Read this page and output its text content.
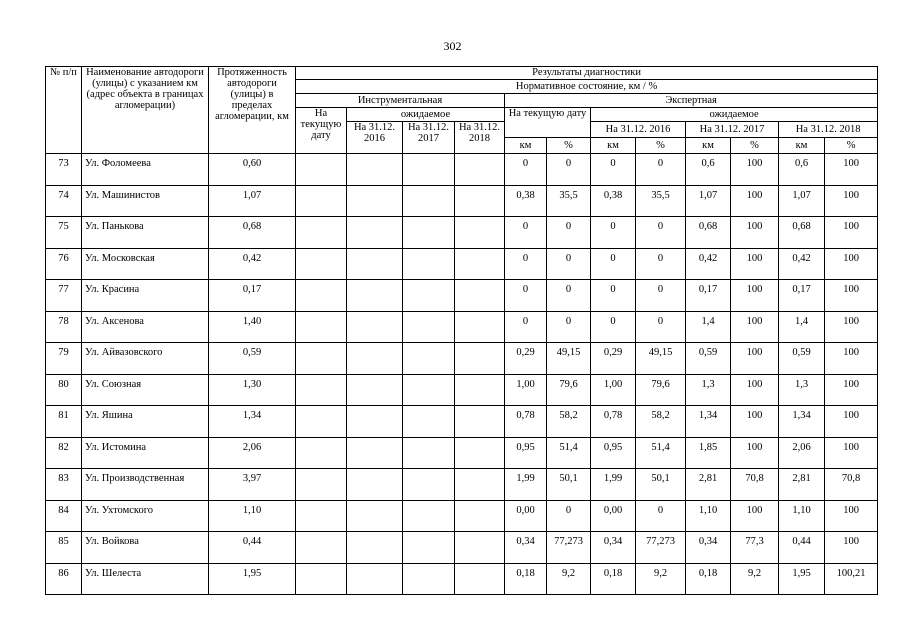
302
№ п/п	Наименование автодороги (улицы) с указанием км (адрес объекта в границах агломерации)	Протяженность автодороги (улицы) в пределах агломерации, км	Результаты диагностики											
			Нормативное состояние, км / %											
			Инструментальная				Экспертная							
			На текущую дату	ожидаемое			На текущую дату		ожидаемое					
				На 31.12. 2016	На 31.12. 2017	На 31.12. 2018			На 31.12. 2016		На 31.12. 2017		На 31.12. 2018	
							км	%	км	%	км	%	км	%
73	Ул. Фоломеева	0,60					0	0	0	0	0,6	100	0,6	100
74	Ул. Машинистов	1,07					0,38	35,5	0,38	35,5	1,07	100	1,07	100
75	Ул. Панькова	0,68					0	0	0	0	0,68	100	0,68	100
76	Ул. Московская	0,42					0	0	0	0	0,42	100	0,42	100
77	Ул. Красина	0,17					0	0	0	0	0,17	100	0,17	100
78	Ул. Аксенова	1,40					0	0	0	0	1,4	100	1,4	100
79	Ул. Айвазовского	0,59					0,29	49,15	0,29	49,15	0,59	100	0,59	100
80	Ул. Союзная	1,30					1,00	79,6	1,00	79,6	1,3	100	1,3	100
81	Ул. Яшина	1,34					0,78	58,2	0,78	58,2	1,34	100	1,34	100
82	Ул. Истомина	2,06					0,95	51,4	0,95	51,4	1,85	100	2,06	100
83	Ул. Производственная	3,97					1,99	50,1	1,99	50,1	2,81	70,8	2,81	70,8
84	Ул. Ухтомского	1,10					0,00	0	0,00	0	1,10	100	1,10	100
85	Ул. Войкова	0,44					0,34	77,273	0,34	77,273	0,34	77,3	0,44	100
86	Ул. Шелеста	1,95					0,18	9,2	0,18	9,2	0,18	9,2	1,95	100,21
